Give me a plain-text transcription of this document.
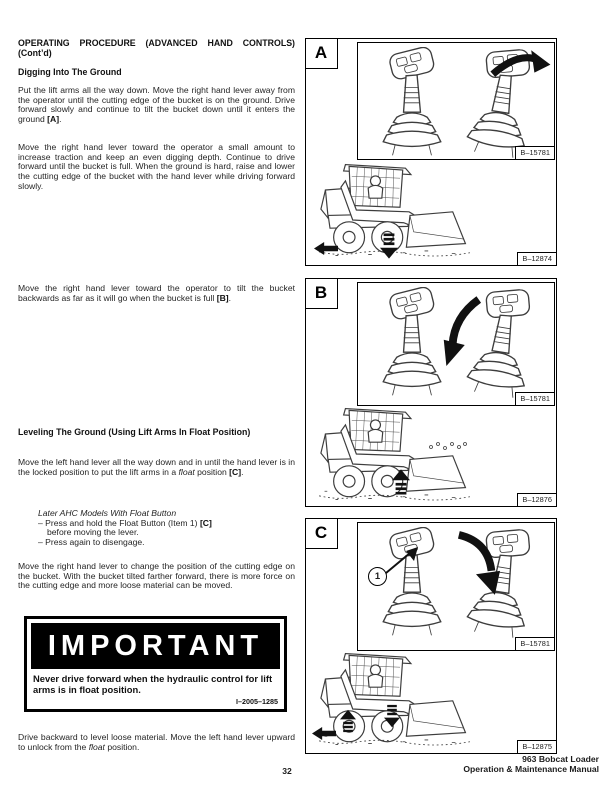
OPERATING PROCEDURE (ADVANCED HAND CONTROLS) (Cont’d)
Digging Into The Ground
Put the lift arms all the way down. Move the right hand lever away from the operator until the cutting edge of the bucket is on the ground. Drive forward slowly and continue to tilt the bucket down until it enters the ground [A].
Move the right hand lever toward the operator a small amount to increase traction and keep an even digging depth. Continue to drive forward until the bucket is full. When the ground is hard, raise and lower the cutting edge of the bucket with the hand lever while driving forward slowly.
Move the right hand lever toward the operator to tilt the bucket backwards as far as it will go when the bucket is full [B].
Leveling The Ground (Using Lift Arms In Float Position)
Move the left hand lever all the way down and in until the hand lever is in the locked position to put the lift arms in a float position [C].
Later AHC Models With Float Button
– Press and hold the Float Button (Item 1) [C]
before moving the lever.
– Press again to disengage.
Move the right hand lever to change the position of the cutting edge on the bucket. With the bucket tilted farther forward, there is more force on the cutting edge and more loose material can be moved.
IMPORTANT
Never drive forward when the hydraulic control for lift arms is in float position.
I–2005–1285
Drive backward to level loose material. Move the left hand lever upward to unlock from the float position.
32
963 Bobcat Loader
Operation & Maintenance Manual
A
B–15781
B–12874
B
B–15781
B–12876
C
1
B–15781
B–12875
